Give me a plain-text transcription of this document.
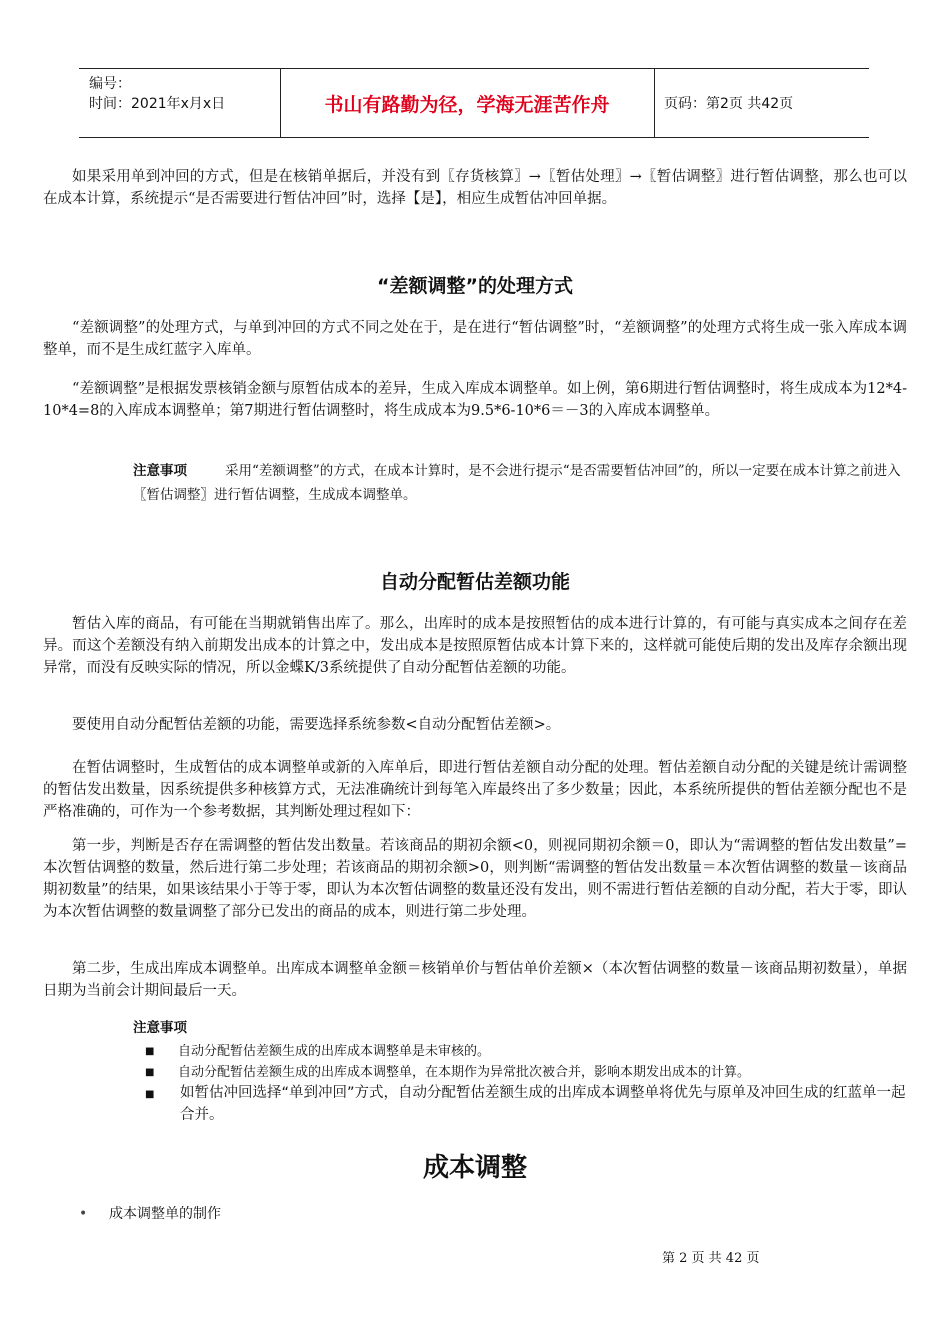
编号：
时间：2021年x月x日	书山有路勤为径，学海无涯苦作舟	页码：第2页 共42页

如果采用单到冲回的方式，但是在核销单据后，并没有到〖存货核算〗→〖暂估处理〗→〖暂估调整〗进行暂估调整，那么也可以在成本计算，系统提示“是否需要进行暂估冲回”时，选择【是】，相应生成暂估冲回单据。

“差额调整”的处理方式

“差额调整”的处理方式，与单到冲回的方式不同之处在于，是在进行“暂估调整”时，“差额调整”的处理方式将生成一张入库成本调整单，而不是生成红蓝字入库单。

“差额调整”是根据发票核销金额与原暂估成本的差异，生成入库成本调整单。如上例，第6期进行暂估调整时，将生成成本为12*4-10*4=8的入库成本调整单；第7期进行暂估调整时，将生成成本为9.5*6-10*6＝－3的入库成本调整单。

注意事项	采用“差额调整”的方式，在成本计算时，是不会进行提示“是否需要暂估冲回”的，所以一定要在成本计算之前进入〖暂估调整〗进行暂估调整，生成成本调整单。
自动分配暂估差额功能

暂估入库的商品，有可能在当期就销售出库了。那么，出库时的成本是按照暂估的成本进行计算的，有可能与真实成本之间存在差异。而这个差额没有纳入前期发出成本的计算之中，发出成本是按照原暂估成本计算下来的，这样就可能使后期的发出及库存余额出现异常，而没有反映实际的情况，所以金蝶K/3系统提供了自动分配暂估差额的功能。

要使用自动分配暂估差额的功能，需要选择系统参数<自动分配暂估差额>。

在暂估调整时，生成暂估的成本调整单或新的入库单后，即进行暂估差额自动分配的处理。暂估差额自动分配的关键是统计需调整的暂估发出数量，因系统提供多种核算方式，无法准确统计到每笔入库最终出了多少数量；因此，本系统所提供的暂估差额分配也不是严格准确的，可作为一个参考数据，其判断处理过程如下：

第一步，判断是否存在需调整的暂估发出数量。若该商品的期初余额<0，则视同期初余额＝0，即认为“需调整的暂估发出数量”=本次暂估调整的数量，然后进行第二步处理；若该商品的期初余额>0，则判断“需调整的暂估发出数量＝本次暂估调整的数量－该商品期初数量”的结果，如果该结果小于等于零，即认为本次暂估调整的数量还没有发出，则不需进行暂估差额的自动分配，若大于零，即认为本次暂估调整的数量调整了部分已发出的商品的成本，则进行第二步处理。

第二步，生成出库成本调整单。出库成本调整单金额＝核销单价与暂估单价差额×（本次暂估调整的数量－该商品期初数量），单据日期为当前会计期间最后一天。

注意事项
■	自动分配暂估差额生成的出库成本调整单是未审核的。
■	自动分配暂估差额生成的出库成本调整单，在本期作为异常批次被合并，影响本期发出成本的计算。
■ 如暂估冲回选择“单到冲回”方式，自动分配暂估差额生成的出库成本调整单将优先与原单及冲回生成的红蓝单一起合并。
成本调整
• 成本调整单的制作
第 2 页 共 42 页
